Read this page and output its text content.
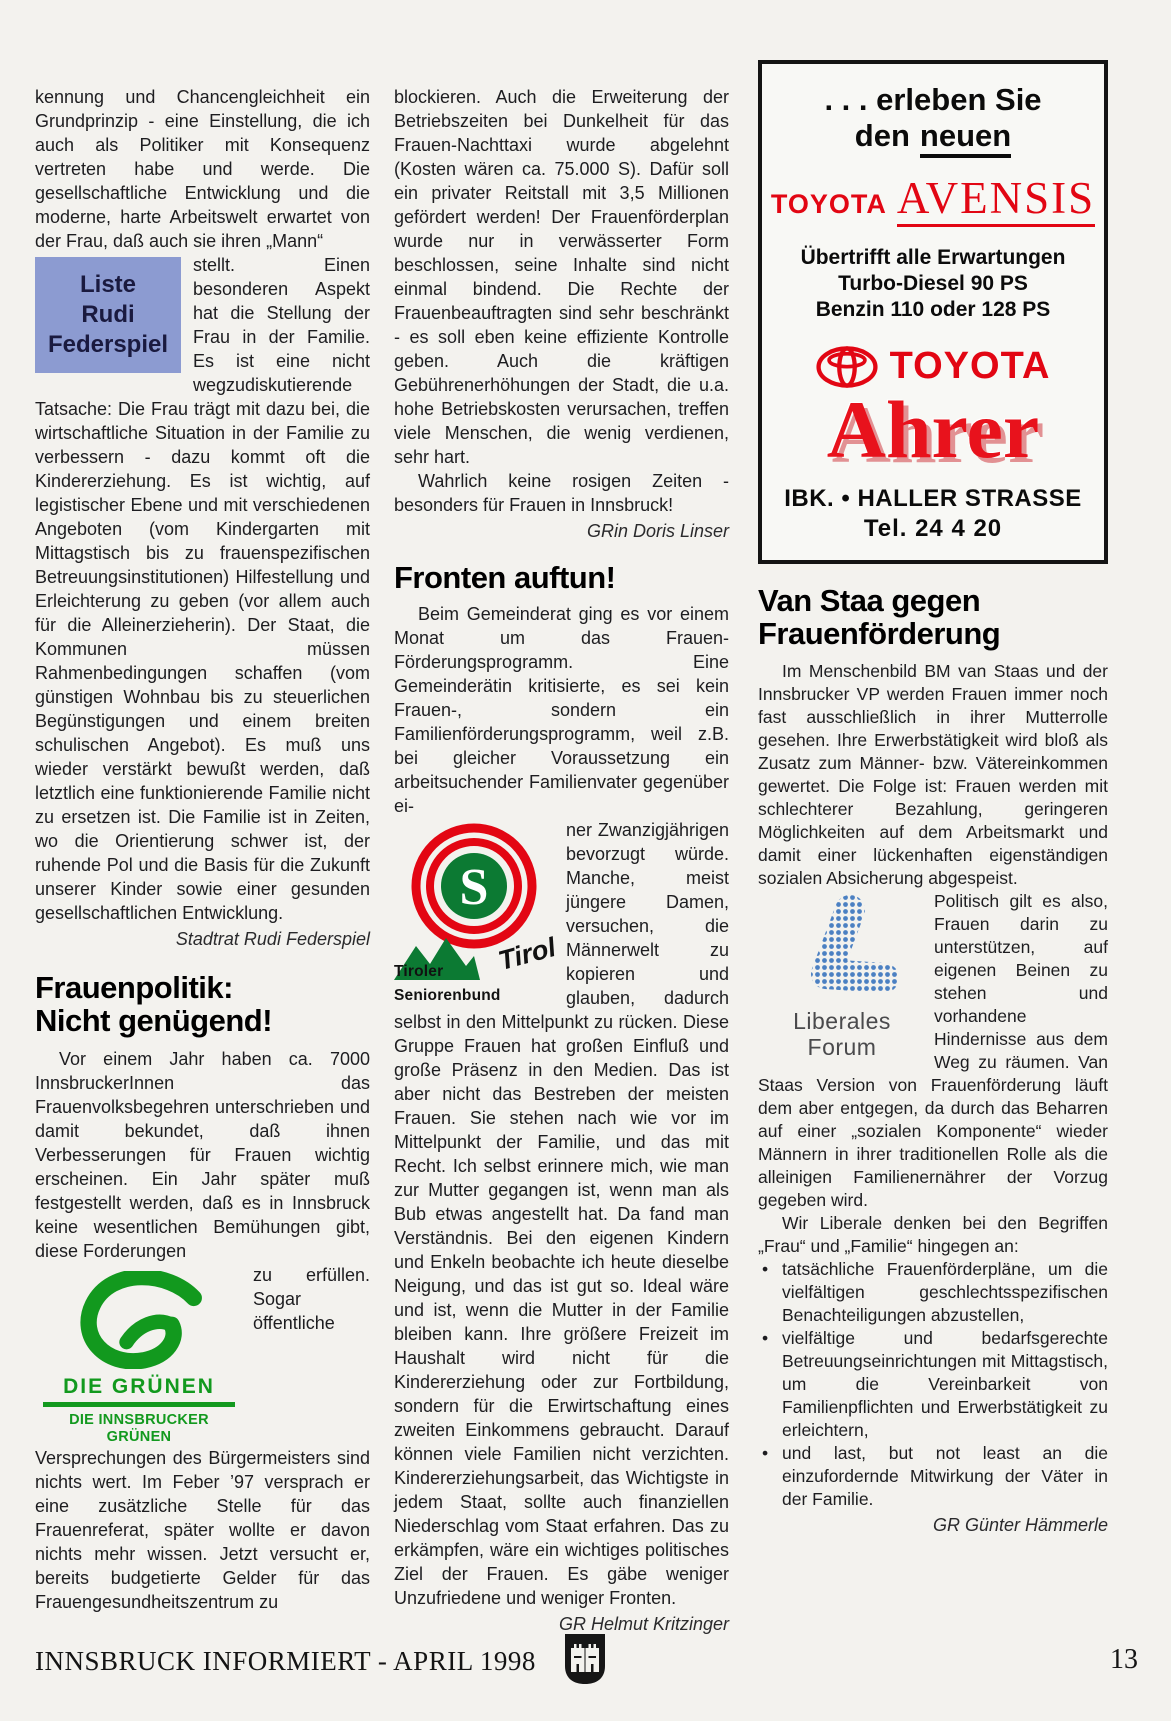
kennung und Chancengleichheit ein Grundprinzip - eine Einstellung, die ich auch als Politiker mit Konsequenz vertreten habe und werde. Die gesellschaftliche Entwicklung und die moderne, harte Arbeitswelt erwartet von der Frau, daß auch sie ihren „Mann“

Liste
Rudi
Federspiel
stellt. Einen besonderen Aspekt hat die Stellung der Frau in der Familie. Es ist eine nicht wegzudiskutierende Tatsache: Die Frau trägt mit dazu bei, die wirtschaftliche Situation in der Familie zu verbessern - dazu kommt oft die Kindererziehung. Es ist wichtig, auf legistischer Ebene und mit verschiedenen Angeboten (vom Kindergarten mit Mittagstisch bis zu frauenspezifischen Betreuungsinstitutionen) Hilfestellung und Erleichterung zu geben (vor allem auch für die Alleinerzieherin). Der Staat, die Kommunen müssen Rahmenbedingungen schaffen (vom günstigen Wohnbau bis zu steuerlichen Begünstigungen und einem breiten schulischen Angebot). Es muß uns wieder verstärkt bewußt werden, daß letztlich eine funktionierende Familie nicht zu ersetzen ist. Die Familie ist in Zeiten, wo die Orientierung schwer ist, der ruhende Pol und die Basis für die Zukunft unserer Kinder sowie einer gesunden gesellschaftlichen Entwicklung.

Stadtrat Rudi Federspiel

Frauenpolitik:
Nicht genügend!

Vor einem Jahr haben ca. 7000 InnsbruckerInnen das Frauenvolksbegehren unterschrieben und damit bekundet, daß ihnen Verbesserungen für Frauen wichtig erscheinen. Ein Jahr später muß festgestellt werden, daß es in Innsbruck keine wesentlichen Bemühungen gibt, diese Forderungen

DIE GRÜNEN
DIE INNSBRUCKER GRÜNEN
zu erfüllen. Sogar öffentliche Versprechungen des Bürgermeisters sind nichts wert. Im Feber ’97 versprach er eine zusätzliche Stelle für das Frauenreferat, später wollte er davon nichts mehr wissen. Jetzt versucht er, bereits budgetierte Gelder für das Frauengesundheitszentrum zu

blockieren. Auch die Erweiterung der Betriebszeiten bei Dunkelheit für das Frauen-Nachttaxi wurde abgelehnt (Kosten wären ca. 75.000 S). Dafür soll ein privater Reitstall mit 3,5 Millionen gefördert werden! Der Frauenförderplan wurde nur in verwässerter Form beschlossen, seine Inhalte sind nicht einmal bindend. Die Rechte der Frauenbeauftragten sind sehr beschränkt - es soll eben keine effiziente Kontrolle geben. Auch die kräftigen Gebührenerhöhungen der Stadt, die u.a. hohe Betriebskosten verursachen, treffen viele Menschen, die wenig verdienen, sehr hart.

Wahrlich keine rosigen Zeiten - besonders für Frauen in Innsbruck!

GRin Doris Linser

Fronten auftun!

Beim Gemeinderat ging es vor einem Monat um das Frauen-Förderungsprogramm. Eine Gemeinderätin kritisierte, es sei kein Frauen-, sondern ein Familienförderungsprogramm, weil z.B. bei gleicher Voraussetzung ein arbeitsuchender Familienvater gegenüber ei-

S
Tirol
Tiroler Seniorenbund
ner Zwanzigjährigen bevorzugt würde. Manche, meist jüngere Damen, versuchen, die Männerwelt zu kopieren und glauben, dadurch selbst in den Mittelpunkt zu rücken. Diese Gruppe Frauen hat großen Einfluß und große Präsenz in den Medien. Das ist aber nicht das Bestreben der meisten Frauen. Sie stehen nach wie vor im Mittelpunkt der Familie, und das mit Recht. Ich selbst erinnere mich, wie man zur Mutter gegangen ist, wenn man als Bub etwas angestellt hat. Da fand man Verständnis. Bei den eigenen Kindern und Enkeln beobachte ich heute dieselbe Neigung, und das ist gut so. Ideal wäre und ist, wenn die Mutter in der Familie bleiben kann. Ihre größere Freizeit im Haushalt wird nicht für die Kindererziehung oder zur Fortbildung, sondern für die Erwirtschaftung eines zweiten Einkommens gebraucht. Darauf können viele Familien nicht verzichten. Kindererziehungsarbeit, das Wichtigste in jedem Staat, sollte auch finanziellen Niederschlag vom Staat erfahren. Das zu erkämpfen, wäre ein wichtiges politisches Ziel der Frauen. Es gäbe weniger Unzufriedene und weniger Fronten.

GR Helmut Kritzinger

. . . erleben Sie
den neuen
TOYOTA AVENSIS
Übertrifft alle Erwartungen
Turbo-Diesel 90 PS
Benzin 110 oder 128 PS
TOYOTA
Ahrer
IBK. • HALLER STRASSE
Tel. 24 4 20
Van Staa gegen
Frauenförderung

Im Menschenbild BM van Staas und der Innsbrucker VP werden Frauen immer noch fast ausschließlich in ihrer Mutterrolle gesehen. Ihre Erwerbstätigkeit wird bloß als Zusatz zum Männer- bzw. Vätereinkommen gewertet. Die Folge ist: Frauen werden mit schlechterer Bezahlung, geringeren Möglichkeiten auf dem Arbeitsmarkt und damit einer lückenhaften eigenständigen sozialen Absicherung abgespeist.

Liberales Forum
Politisch gilt es also, Frauen darin zu unterstützen, auf eigenen Beinen zu stehen und vorhandene Hindernisse aus dem Weg zu räumen. Van Staas Version von Frauenförderung läuft dem aber entgegen, da durch das Beharren auf einer „sozialen Komponente“ wieder Männern in ihrer traditionellen Rolle als die alleinigen Familienernährer der Vorzug gegeben wird.

Wir Liberale denken bei den Begriffen „Frau“ und „Familie“ hingegen an:

• tatsächliche Frauenförderpläne, um die vielfältigen geschlechtsspezifischen Benachteiligungen abzustellen,
• vielfältige und bedarfsgerechte Betreuungseinrichtungen mit Mittagstisch, um die Vereinbarkeit von Familienpflichten und Erwerbstätigkeit zu erleichtern,
• und last, but not least an die einzufordernde Mitwirkung der Väter in der Familie.

GR Günter Hämmerle

INNSBRUCK INFORMIERT - APRIL 1998	13
